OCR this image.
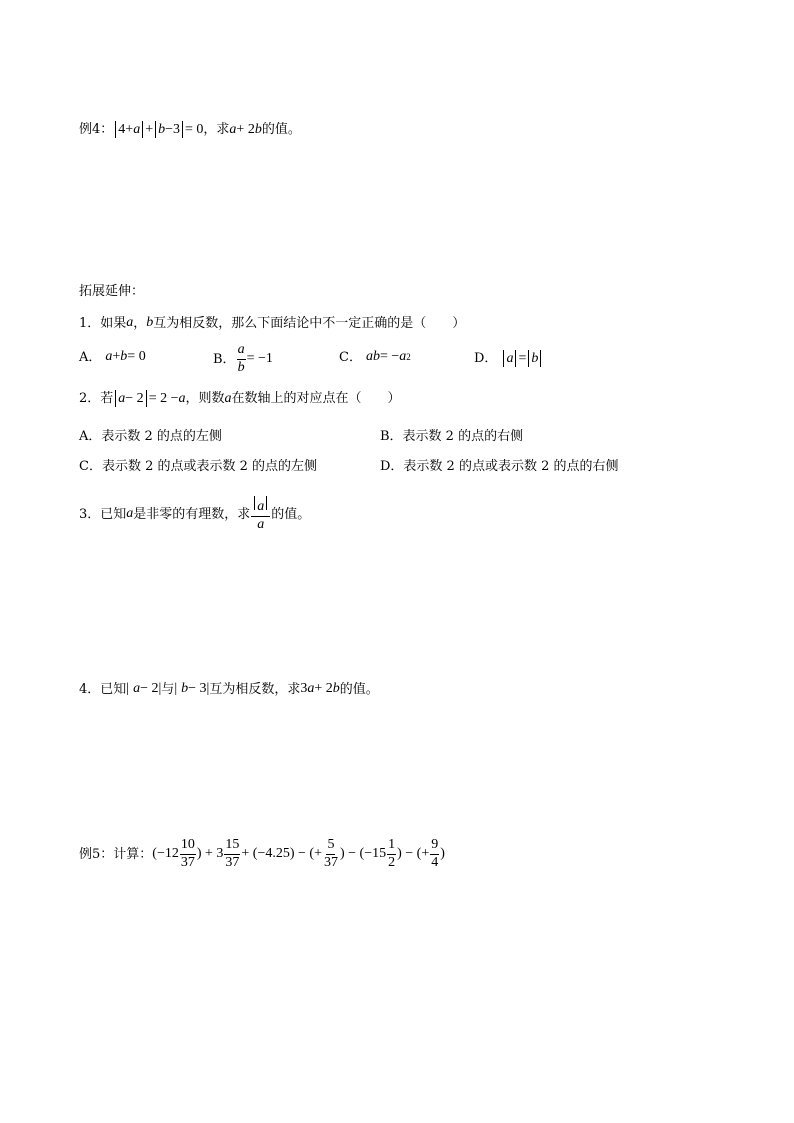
例4： 4 + a + b − 3 = 0 ，求 a + 2 b 的值。
拓展延伸：
1．如果 a ， b 互为相反数，那么下面结论中不一定正确的是（　　）
A． a + b = 0	B． $\frac{a}{b} = -1$	C． ab = − a 2	D． a = b
2．若 a − 2 = 2 − a ，则数 a 在数轴上的对应点在（　　）
A．表示数 2 的点的左侧	B．表示数 2 的点的右侧
C．表示数 2 的点或表示数 2 的点的左侧	D．表示数 2 的点或表示数 2 的点的右侧
3．已知 a 是非零的有理数，求 $\frac{a}{a}$ 的值。
4．已知 | a − 2| 与 | b − 3| 互为相反数，求 3 a + 2 b 的值。
例5：计算： ($-12 \frac{10}{37}$ ) + $3 \frac{15}{37} + (-4.25)$ − (+ $\frac{5}{37}$ ) − ($-15 \frac{1}{2}$ ) − (+ $\frac{9}{4}$ )
